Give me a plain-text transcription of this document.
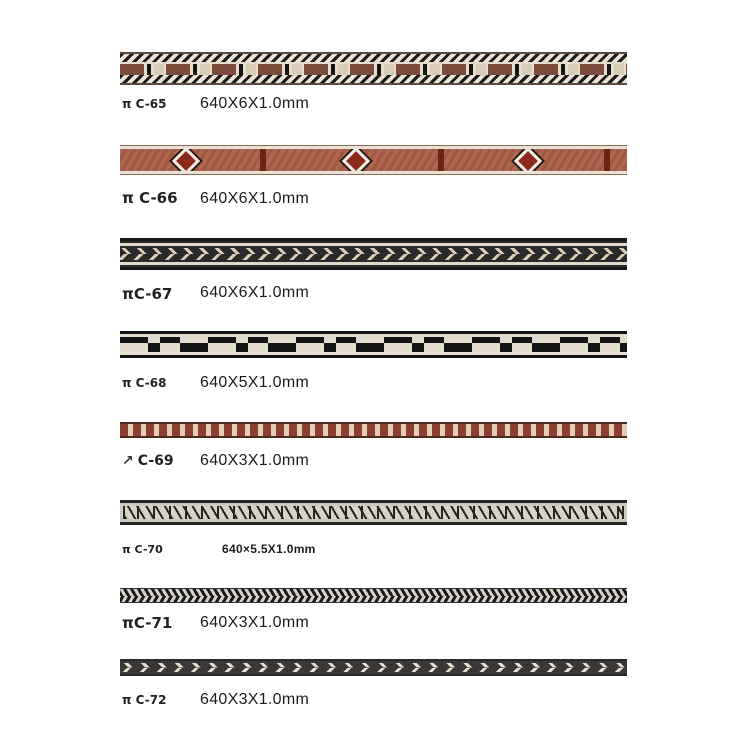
π C-65 640X6X1.0mm
π C-66 640X6X1.0mm
πC-67 640X6X1.0mm
π C-68 640X5X1.0mm
↗ C-69 640X3X1.0mm
π C-70	640×5.5X1.0mm
πC-71 640X3X1.0mm
π C-72 640X3X1.0mm
